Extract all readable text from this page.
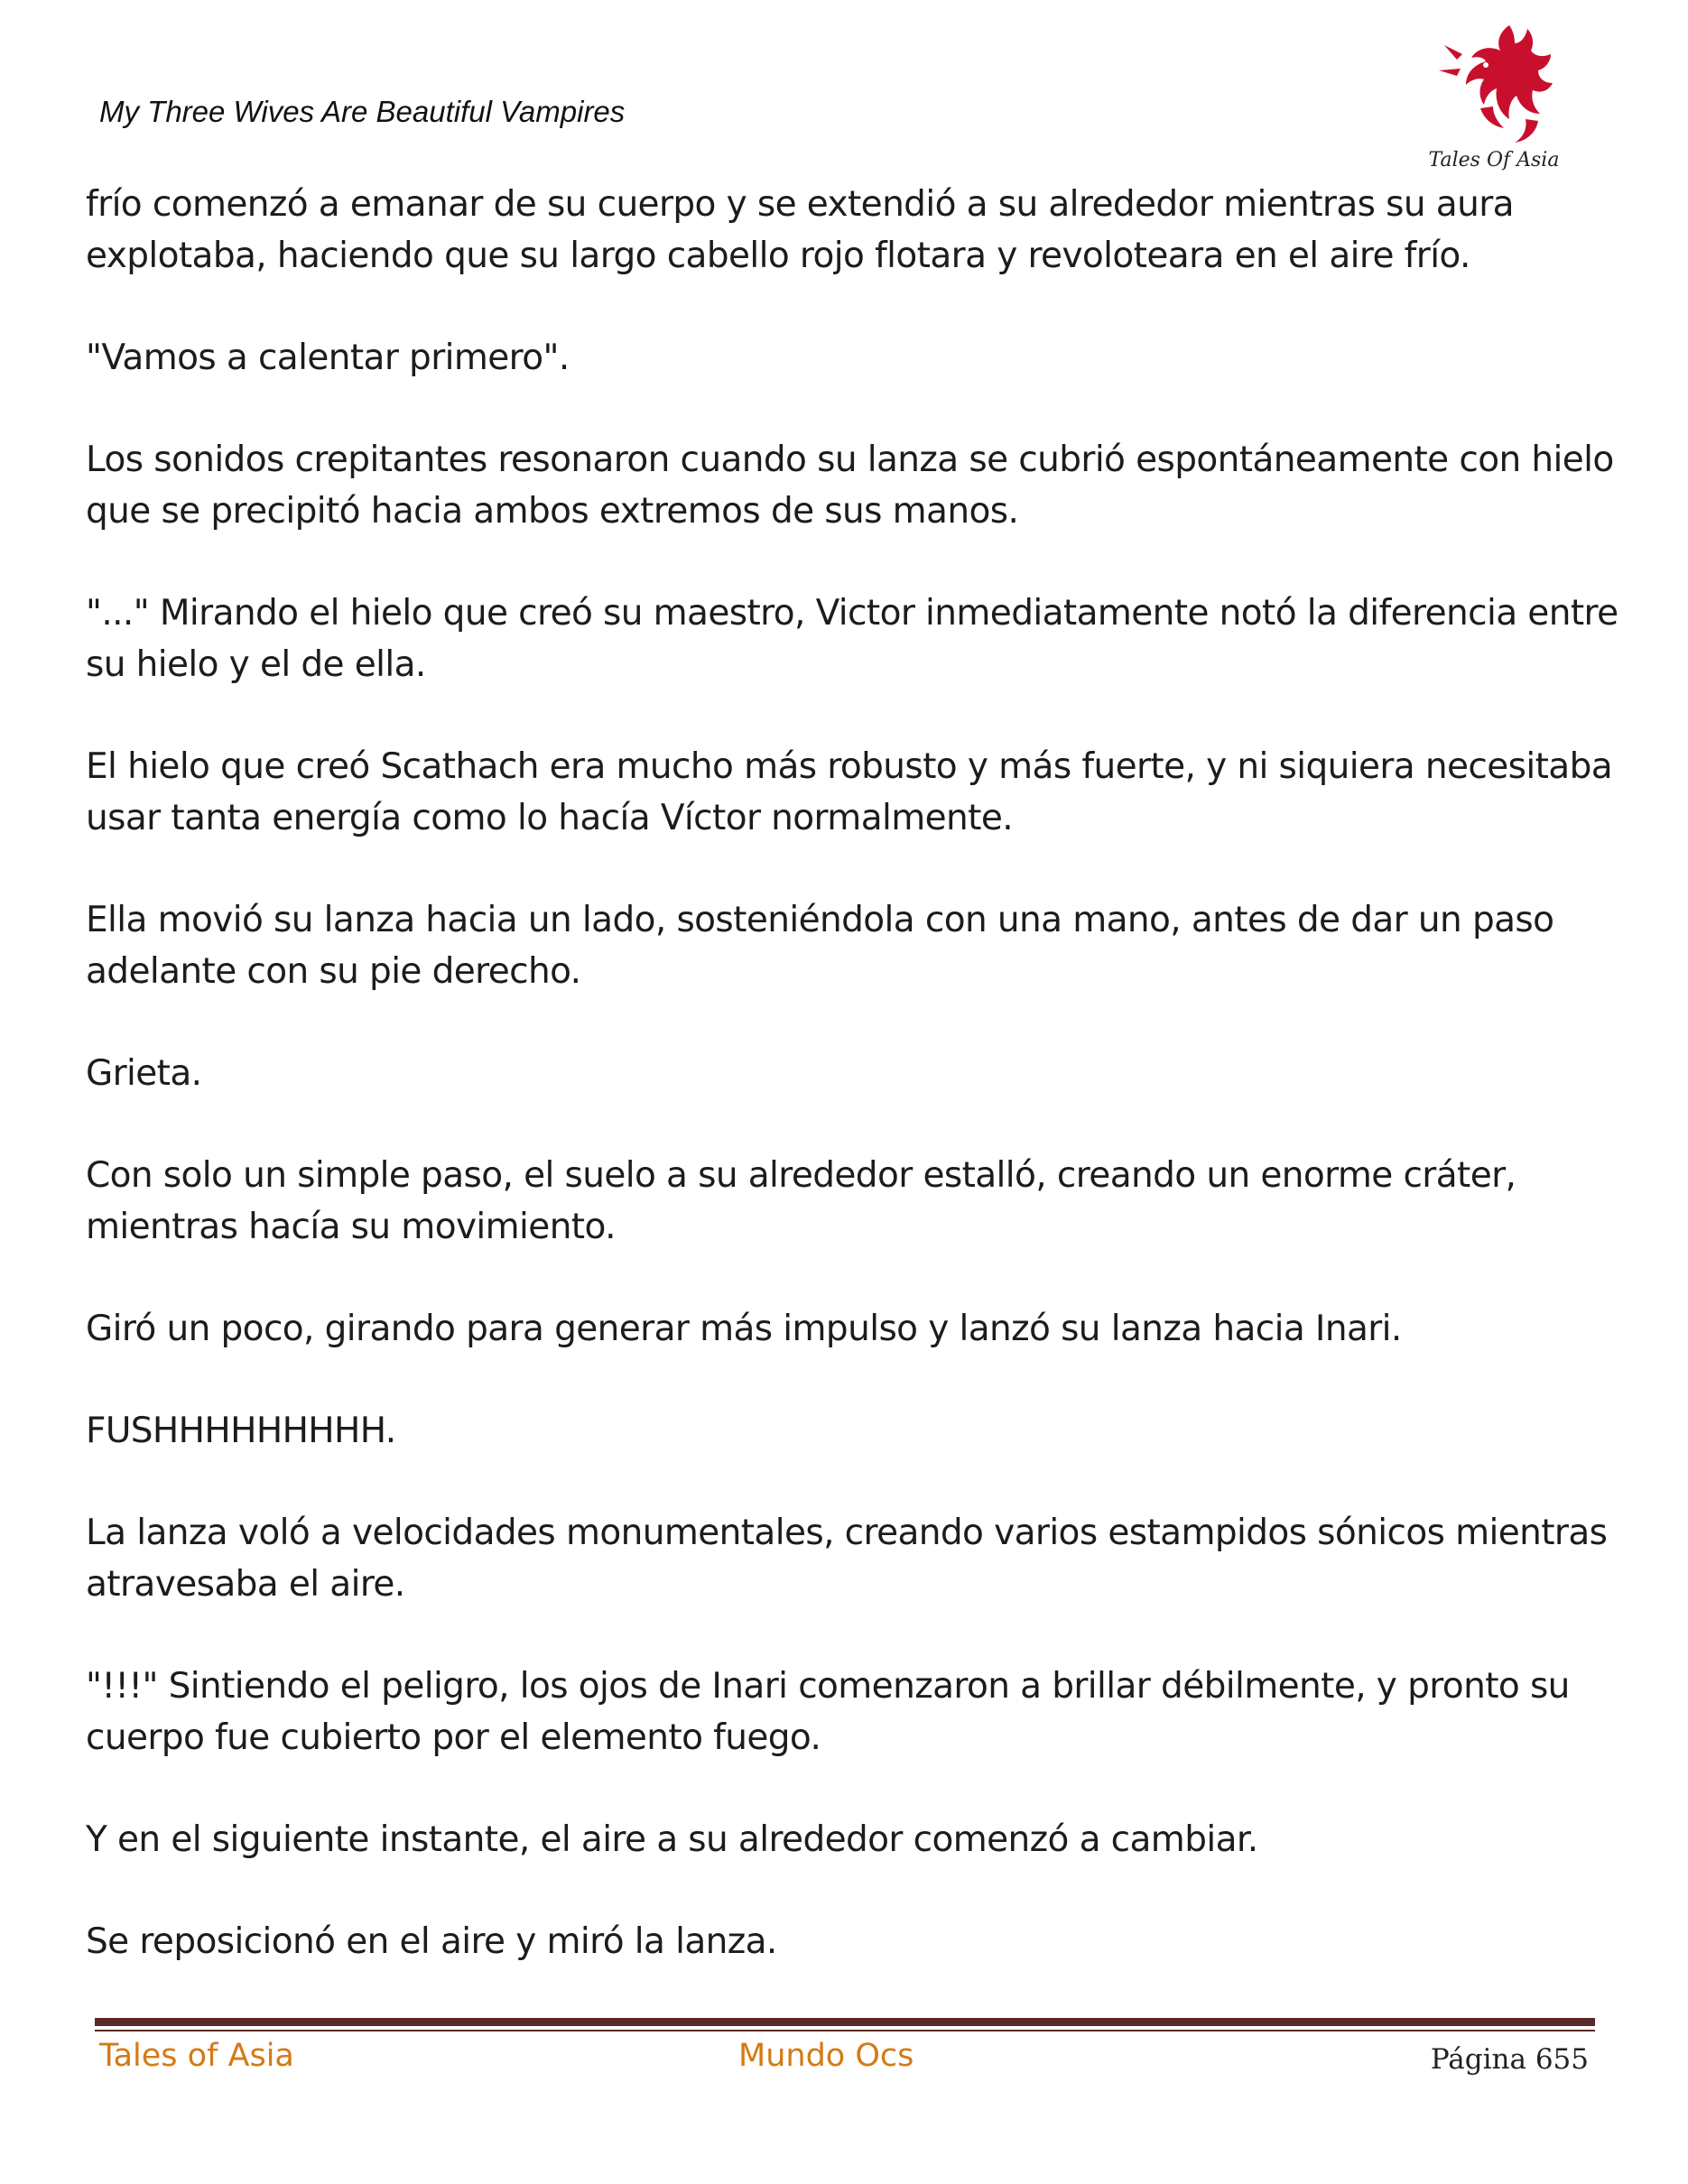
My Three Wives Are Beautiful Vampires
Tales Of Asia

frío comenzó a emanar de su cuerpo y se extendió a su alrededor mientras su aura explotaba, haciendo que su largo cabello rojo flotara y revoloteara en el aire frío.

"Vamos a calentar primero".

Los sonidos crepitantes resonaron cuando su lanza se cubrió espontáneamente con hielo que se precipitó hacia ambos extremos de sus manos.

"..." Mirando el hielo que creó su maestro, Victor inmediatamente notó la diferencia entre su hielo y el de ella.

El hielo que creó Scathach era mucho más robusto y más fuerte, y ni siquiera necesitaba usar tanta energía como lo hacía Víctor normalmente.

Ella movió su lanza hacia un lado, sosteniéndola con una mano, antes de dar un paso adelante con su pie derecho.

Grieta.

Con solo un simple paso, el suelo a su alrededor estalló, creando un enorme cráter, mientras hacía su movimiento.

Giró un poco, girando para generar más impulso y lanzó su lanza hacia Inari.

FUSHHHHHHHHH.

La lanza voló a velocidades monumentales, creando varios estampidos sónicos mientras atravesaba el aire.

"!!!" Sintiendo el peligro, los ojos de Inari comenzaron a brillar débilmente, y pronto su cuerpo fue cubierto por el elemento fuego.

Y en el siguiente instante, el aire a su alrededor comenzó a cambiar.

Se reposicionó en el aire y miró la lanza.

Tales of Asia	Mundo Ocs	Página 655
